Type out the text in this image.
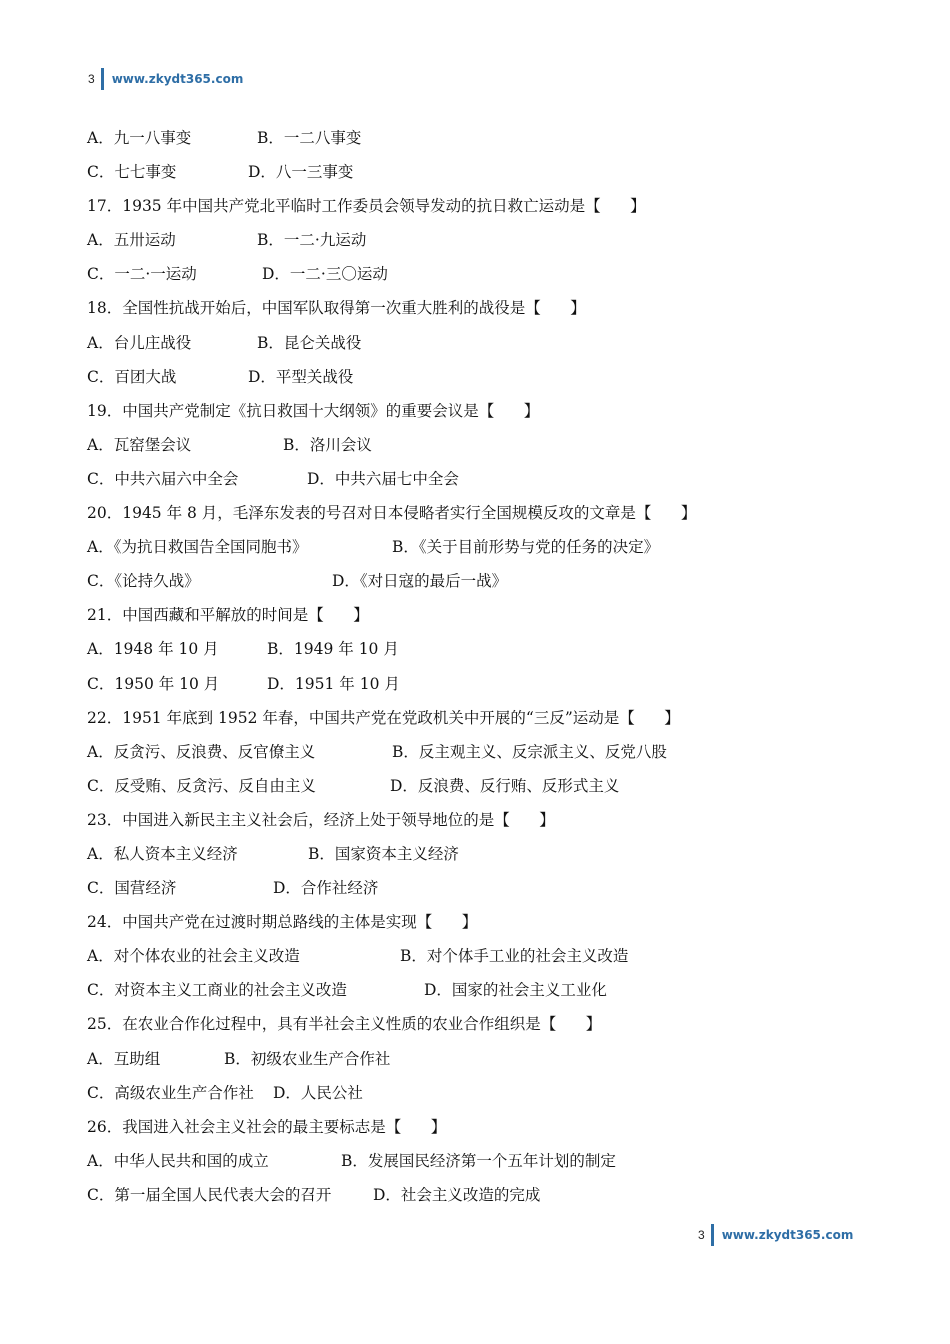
3 www.zkydt365.com
A．九一八事变	B．一二八事变
C．七七事变	D．八一三事变
17．1935 年中国共产党北平临时工作委员会领导发动的抗日救亡运动是【      】
A．五卅运动	B．一二·九运动
C．一二·一运动	D．一二·三〇运动
18．全国性抗战开始后，中国军队取得第一次重大胜利的战役是【      】
A．台儿庄战役	B．昆仑关战役
C．百团大战	D．平型关战役
19．中国共产党制定《抗日救国十大纲领》的重要会议是【      】
A．瓦窑堡会议	B．洛川会议
C．中共六届六中全会	D．中共六届七中全会
20．1945 年 8 月，毛泽东发表的号召对日本侵略者实行全国规模反攻的文章是【      】
A．《为抗日救国告全国同胞书》	B．《关于目前形势与党的任务的决定》
C．《论持久战》	D．《对日寇的最后一战》
21．中国西藏和平解放的时间是【      】
A．1948 年 10 月	B．1949 年 10 月
C．1950 年 10 月	D．1951 年 10 月
22．1951 年底到 1952 年春，中国共产党在党政机关中开展的“三反”运动是【      】
A．反贪污、反浪费、反官僚主义	B．反主观主义、反宗派主义、反党八股
C．反受贿、反贪污、反自由主义	D．反浪费、反行贿、反形式主义
23．中国进入新民主主义社会后，经济上处于领导地位的是【      】
A．私人资本主义经济	B．国家资本主义经济
C．国营经济	D．合作社经济
24．中国共产党在过渡时期总路线的主体是实现【      】
A．对个体农业的社会主义改造	B．对个体手工业的社会主义改造
C．对资本主义工商业的社会主义改造	D．国家的社会主义工业化
25．在农业合作化过程中，具有半社会主义性质的农业合作组织是【      】
A．互助组	B．初级农业生产合作社
C．高级农业生产合作社 D．人民公社
26．我国进入社会主义社会的最主要标志是【      】
A．中华人民共和国的成立	B．发展国民经济第一个五年计划的制定
C．第一届全国人民代表大会的召开	D．社会主义改造的完成
3 www.zkydt365.com
